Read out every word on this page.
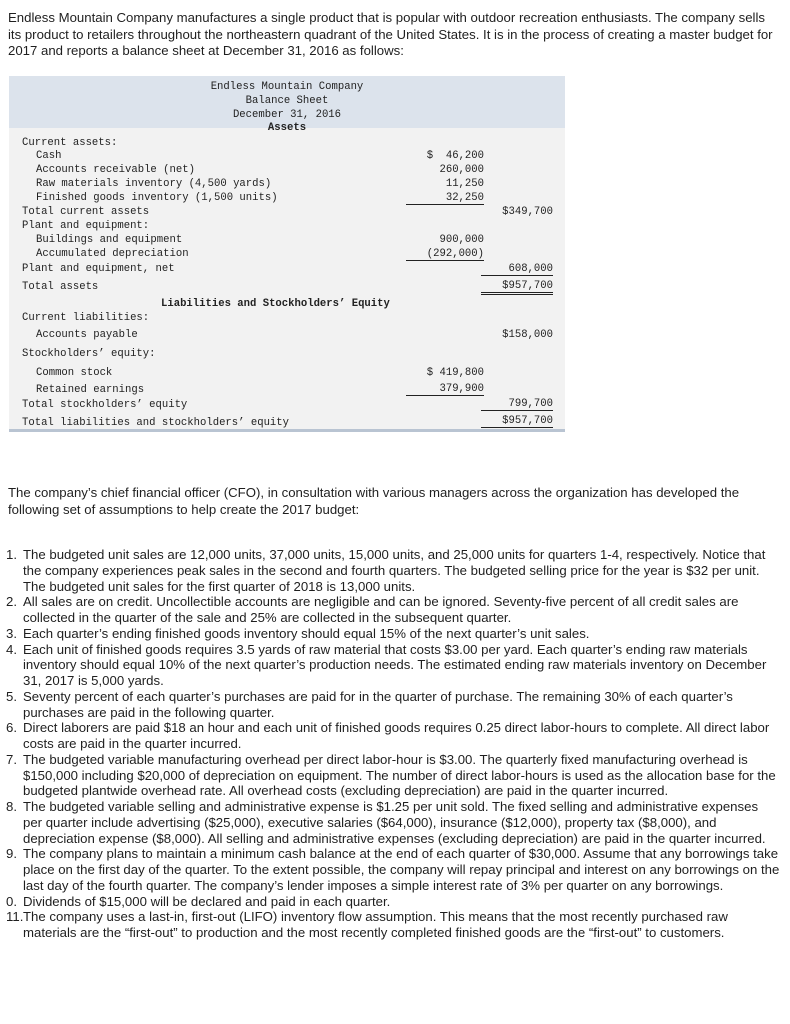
Endless Mountain Company manufactures a single product that is popular with outdoor recreation enthusiasts. The company sells its product to retailers throughout the northeastern quadrant of the United States. It is in the process of creating a master budget for 2017 and reports a balance sheet at December 31, 2016 as follows:

Endless Mountain Company
Balance Sheet
December 31, 2016
Assets
Current assets:
Cash	$  46,200
Accounts receivable (net)	260,000
Raw materials inventory (4,500 yards)	11,250
Finished goods inventory (1,500 units)	32,250
Total current assets	$349,700
Plant and equipment:
Buildings and equipment	900,000
Accumulated depreciation	(292,000)
Plant and equipment, net	608,000
Total assets	$957,700
Liabilities and Stockholders’ Equity
Current liabilities:
Accounts payable	$158,000
Stockholders’ equity:
Common stock	$ 419,800
Retained earnings	379,900
Total stockholders’ equity	799,700
Total liabilities and stockholders’ equity	$957,700

The company’s chief financial officer (CFO), in consultation with various managers across the organization has developed the following set of assumptions to help create the 2017 budget:

1. The budgeted unit sales are 12,000 units, 37,000 units, 15,000 units, and 25,000 units for quarters 1-4, respectively. Notice that the company experiences peak sales in the second and fourth quarters. The budgeted selling price for the year is $32 per unit. The budgeted unit sales for the first quarter of 2018 is 13,000 units.
2. All sales are on credit. Uncollectible accounts are negligible and can be ignored. Seventy-five percent of all credit sales are collected in the quarter of the sale and 25% are collected in the subsequent quarter.
3. Each quarter’s ending finished goods inventory should equal 15% of the next quarter’s unit sales.
4. Each unit of finished goods requires 3.5 yards of raw material that costs $3.00 per yard. Each quarter’s ending raw materials inventory should equal 10% of the next quarter’s production needs. The estimated ending raw materials inventory on December 31, 2017 is 5,000 yards.
5. Seventy percent of each quarter’s purchases are paid for in the quarter of purchase. The remaining 30% of each quarter’s purchases are paid in the following quarter.
6. Direct laborers are paid $18 an hour and each unit of finished goods requires 0.25 direct labor-hours to complete. All direct labor costs are paid in the quarter incurred.
7. The budgeted variable manufacturing overhead per direct labor-hour is $3.00. The quarterly fixed manufacturing overhead is $150,000 including $20,000 of depreciation on equipment. The number of direct labor-hours is used as the allocation base for the budgeted plantwide overhead rate. All overhead costs (excluding depreciation) are paid in the quarter incurred.
8. The budgeted variable selling and administrative expense is $1.25 per unit sold. The fixed selling and administrative expenses per quarter include advertising ($25,000), executive salaries ($64,000), insurance ($12,000), property tax ($8,000), and depreciation expense ($8,000). All selling and administrative expenses (excluding depreciation) are paid in the quarter incurred.
9. The company plans to maintain a minimum cash balance at the end of each quarter of $30,000. Assume that any borrowings take place on the first day of the quarter. To the extent possible, the company will repay principal and interest on any borrowings on the last day of the fourth quarter. The company’s lender imposes a simple interest rate of 3% per quarter on any borrowings.
0. Dividends of $15,000 will be declared and paid in each quarter.
11. The company uses a last-in, first-out (LIFO) inventory flow assumption. This means that the most recently purchased raw materials are the “first-out” to production and the most recently completed finished goods are the “first-out” to customers.
